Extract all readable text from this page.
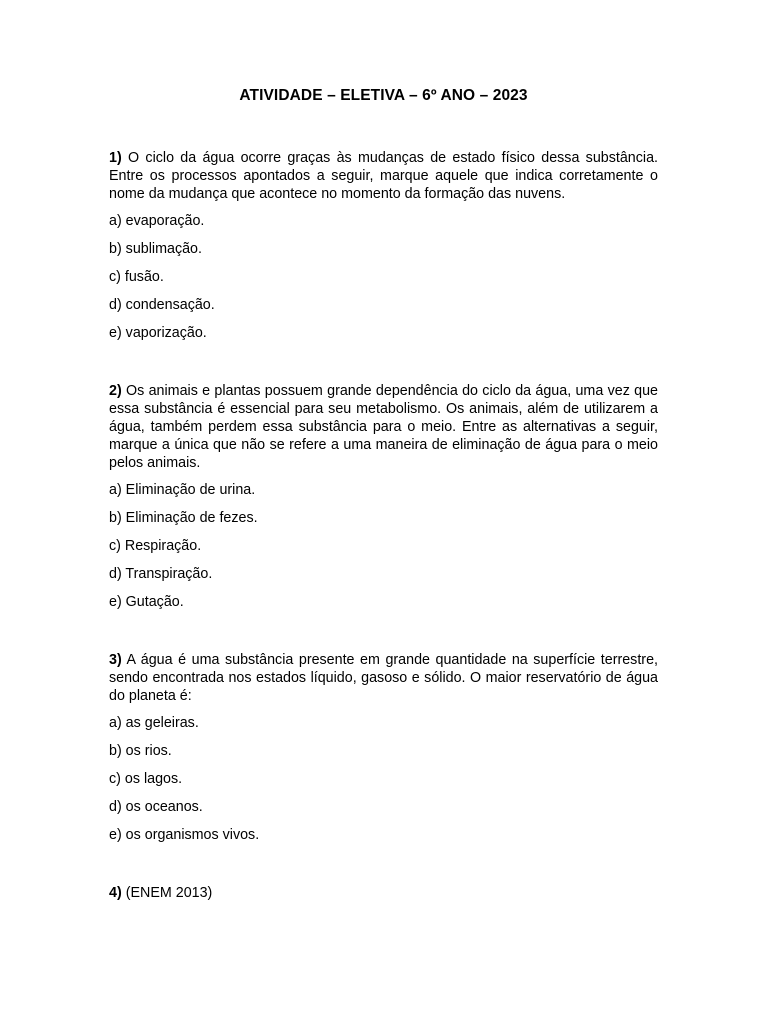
ATIVIDADE – ELETIVA – 6º ANO – 2023

1) O ciclo da água ocorre graças às mudanças de estado físico dessa substância. Entre os processos apontados a seguir, marque aquele que indica corretamente o nome da mudança que acontece no momento da formação das nuvens.

a) evaporação.
b) sublimação.
c) fusão.
d) condensação.
e) vaporização.

2) Os animais e plantas possuem grande dependência do ciclo da água, uma vez que essa substância é essencial para seu metabolismo. Os animais, além de utilizarem a água, também perdem essa substância para o meio. Entre as alternativas a seguir, marque a única que não se refere a uma maneira de eliminação de água para o meio pelos animais.

a) Eliminação de urina.
b) Eliminação de fezes.
c) Respiração.
d) Transpiração.
e) Gutação.

3) A água é uma substância presente em grande quantidade na superfície terrestre, sendo encontrada nos estados líquido, gasoso e sólido. O maior reservatório de água do planeta é:

a) as geleiras.
b) os rios.
c) os lagos.
d) os oceanos.
e) os organismos vivos.

4) (ENEM 2013)
